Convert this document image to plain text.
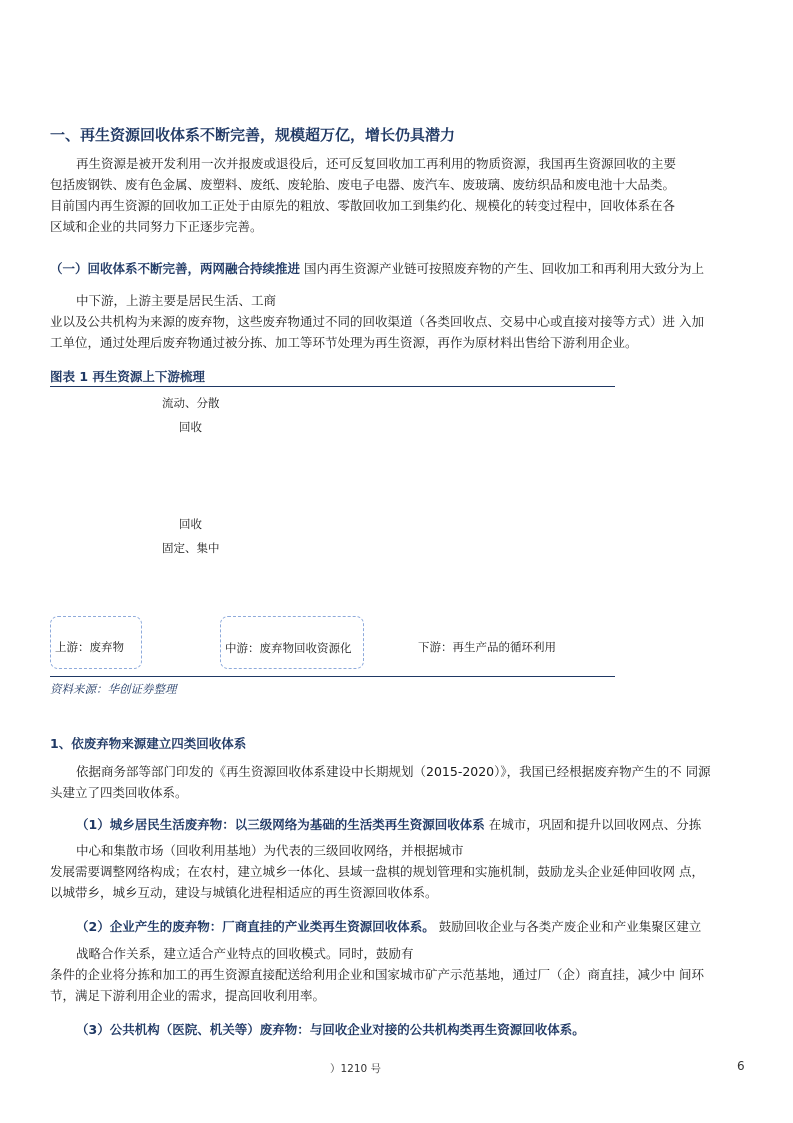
一、再生资源回收体系不断完善，规模超万亿，增长仍具潜力
再生资源是被开发利用一次并报废或退役后，还可反复回收加工再利用的物质资源，我国再生资源回收的主要
包括废钢铁、废有色金属、废塑料、废纸、废轮胎、废电子电器、废汽车、废玻璃、废纺织品和废电池十大品类。
目前国内再生资源的回收加工正处于由原先的粗放、零散回收加工到集约化、规模化的转变过程中，回收体系在各
区域和企业的共同努力下正逐步完善。
（一）回收体系不断完善，两网融合持续推进 国内再生资源产业链可按照废弃物的产生、回收加工和再利用大致分为上
中下游，上游主要是居民生活、工商
业以及公共机构为来源的废弃物，这些废弃物通过不同的回收渠道（各类回收点、交易中心或直接对接等方式）进 入加
工单位，通过处理后废弃物通过被分拣、加工等环节处理为再生资源，再作为原材料出售给下游利用企业。
图表 1 再生资源上下游梳理
流动、分散
回收
回收
固定、集中
上游：废弃物	中游：废弃物回收资源化	下游：再生产品的循环利用
资料来源：华创证券整理
1、依废弃物来源建立四类回收体系
依据商务部等部门印发的《再生资源回收体系建设中长期规划（2015-2020）》，我国已经根据废弃物产生的不 同源
头建立了四类回收体系。
（1）城乡居民生活废弃物：以三级网络为基础的生活类再生资源回收体系 在城市，巩固和提升以回收网点、分拣
中心和集散市场（回收利用基地）为代表的三级回收网络，并根据城市
发展需要调整网络构成；在农村，建立城乡一体化、县域一盘棋的规划管理和实施机制，鼓励龙头企业延伸回收网 点，
以城带乡，城乡互动，建设与城镇化进程相适应的再生资源回收体系。
（2）企业产生的废弃物：厂商直挂的产业类再生资源回收体系。 鼓励回收企业与各类产废企业和产业集聚区建立
战略合作关系，建立适合产业特点的回收模式。同时，鼓励有
条件的企业将分拣和加工的再生资源直接配送给利用企业和国家城市矿产示范基地，通过厂（企）商直挂，减少中 间环
节，满足下游利用企业的需求，提高回收利用率。
（3）公共机构（医院、机关等）废弃物：与回收企业对接的公共机构类再生资源回收体系。
）1210 号	6
